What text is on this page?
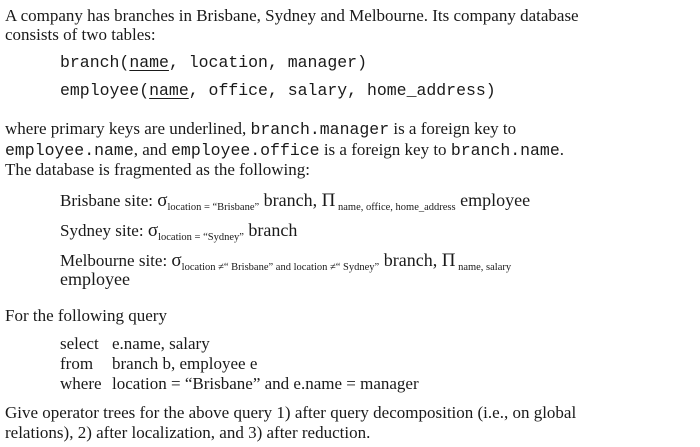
A company has branches in Brisbane, Sydney and Melbourne. Its company database
consists of two tables:
branch(name, location, manager)
employee(name, office, salary, home_address)
where primary keys are underlined, branch.manager is a foreign key to
employee.name, and employee.office is a foreign key to branch.name.
The database is fragmented as the following:
Brisbane site: $\sigma_{location = “Brisbane”}$ branch, Π $_{name, office, home\_address}$ employee
Sydney site: $\sigma_{location = “Sydney”}$ branch
Melbourne site: $\sigma_{location \ne“ Brisbane” and location \ne“ Sydney”}$ branch, Π $_{name, salary}$
employee
For the following query
select e.name, salary
from branch b, employee e
where location = “Brisbane” and e.name = manager
Give operator trees for the above query 1) after query decomposition (i.e., on global
relations), 2) after localization, and 3) after reduction.
